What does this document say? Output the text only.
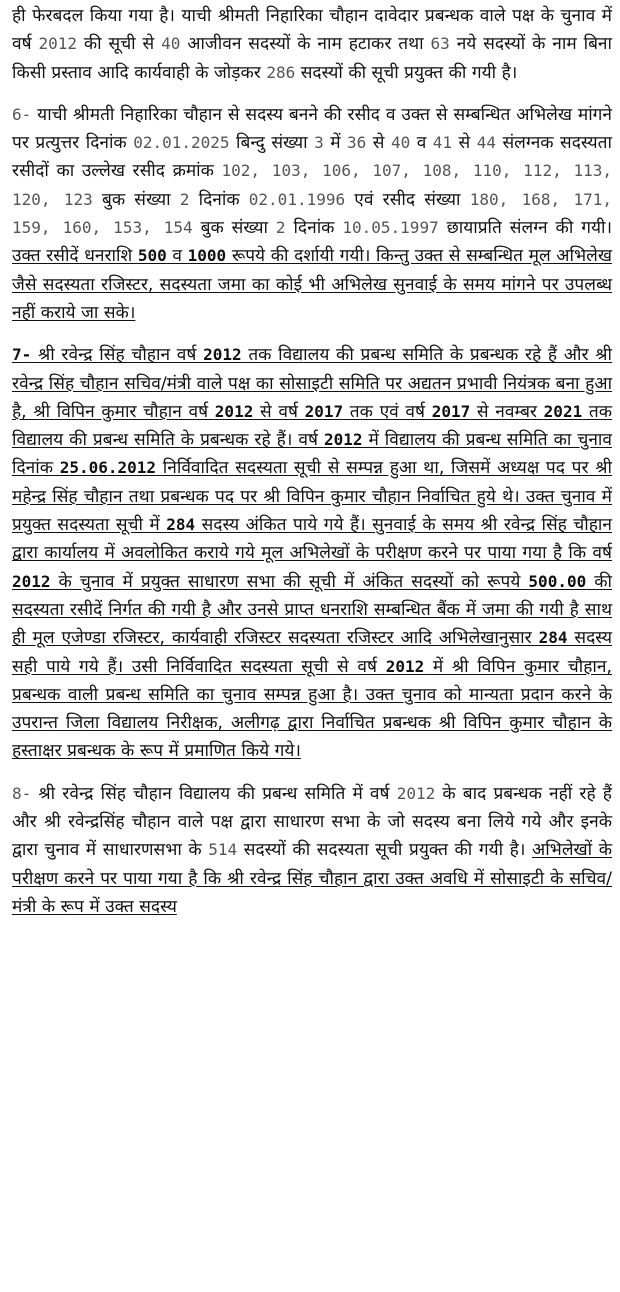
ही फेरबदल किया गया है। याची श्रीमती निहारिका चौहान दावेदार प्रबन्धक वाले पक्ष के चुनाव में वर्ष 2012 की सूची से 40 आजीवन सदस्यों के नाम हटाकर तथा 63 नये सदस्यों के नाम बिना किसी प्रस्ताव आदि कार्यवाही के जोड़कर 286 सदस्यों की सूची प्रयुक्त की गयी है।

6- याची श्रीमती निहारिका चौहान से सदस्य बनने की रसीद व उक्त से सम्बन्धित अभिलेख मांगने पर प्रत्युत्तर दिनांक 02.01.2025 बिन्दु संख्या 3 में 36 से 40 व 41 से 44 संलग्नक सदस्यता रसीदों का उल्लेख रसीद क्रमांक 102, 103, 106, 107, 108, 110, 112, 113, 120, 123 बुक संख्या 2 दिनांक 02.01.1996 एवं रसीद संख्या 180, 168, 171, 159, 160, 153, 154 बुक संख्या 2 दिनांक 10.05.1997 छायाप्रति संलग्न की गयी। उक्त रसीदें धनराशि 500 व 1000 रूपये की दर्शायी गयी। किन्तु उक्त से सम्बन्धित मूल अभिलेख जैसे सदस्यता रजिस्टर, सदस्यता जमा का कोई भी अभिलेख सुनवाई के समय मांगने पर उपलब्ध नहीं कराये जा सके।

7- श्री रवेन्द्र सिंह चौहान वर्ष 2012 तक विद्यालय की प्रबन्ध समिति के प्रबन्धक रहे हैं और श्री रवेन्द्र सिंह चौहान सचिव/मंत्री वाले पक्ष का सोसाइटी समिति पर अद्यतन प्रभावी नियंत्रक बना हुआ है, श्री विपिन कुमार चौहान वर्ष 2012 से वर्ष 2017 तक एवं वर्ष 2017 से नवम्बर 2021 तक विद्यालय की प्रबन्ध समिति के प्रबन्धक रहे हैं। वर्ष 2012 में विद्यालय की प्रबन्ध समिति का चुनाव दिनांक 25.06.2012 निर्विवादित सदस्यता सूची से सम्पन्न हुआ था, जिसमें अध्यक्ष पद पर श्री महेन्द्र सिंह चौहान तथा प्रबन्धक पद पर श्री विपिन कुमार चौहान निर्वाचित हुये थे। उक्त चुनाव में प्रयुक्त सदस्यता सूची में 284 सदस्य अंकित पाये गये हैं। सुनवाई के समय श्री रवेन्द्र सिंह चौहान द्वारा कार्यालय में अवलोकित कराये गये मूल अभिलेखों के परीक्षण करने पर पाया गया है कि वर्ष 2012 के चुनाव में प्रयुक्त साधारण सभा की सूची में अंकित सदस्यों को रूपये 500.00 की सदस्यता रसीदें निर्गत की गयी है और उनसे प्राप्त धनराशि सम्बन्धित बैंक में जमा की गयी है साथ ही मूल एजेण्डा रजिस्टर, कार्यवाही रजिस्टर सदस्यता रजिस्टर आदि अभिलेखानुसार 284 सदस्य सही पाये गये हैं। उसी निर्विवादित सदस्यता सूची से वर्ष 2012 में श्री विपिन कुमार चौहान, प्रबन्धक वाली प्रबन्ध समिति का चुनाव सम्पन्न हुआ है। उक्त चुनाव को मान्यता प्रदान करने के उपरान्त जिला विद्यालय निरीक्षक, अलीगढ़ द्वारा निर्वाचित प्रबन्धक श्री विपिन कुमार चौहान के हस्ताक्षर प्रबन्धक के रूप में प्रमाणित किये गये।

8- श्री रवेन्द्र सिंह चौहान विद्यालय की प्रबन्ध समिति में वर्ष 2012 के बाद प्रबन्धक नहीं रहे हैं और श्री रवेन्द्रसिंह चौहान वाले पक्ष द्वारा साधारण सभा के जो सदस्य बना लिये गये और इनके द्वारा चुनाव में साधारणसभा के 514 सदस्यों की सदस्यता सूची प्रयुक्त की गयी है। अभिलेखों के परीक्षण करने पर पाया गया है कि श्री रवेन्द्र सिंह चौहान द्वारा उक्त अवधि में सोसाइटी के सचिव/मंत्री के रूप में उक्त सदस्य
